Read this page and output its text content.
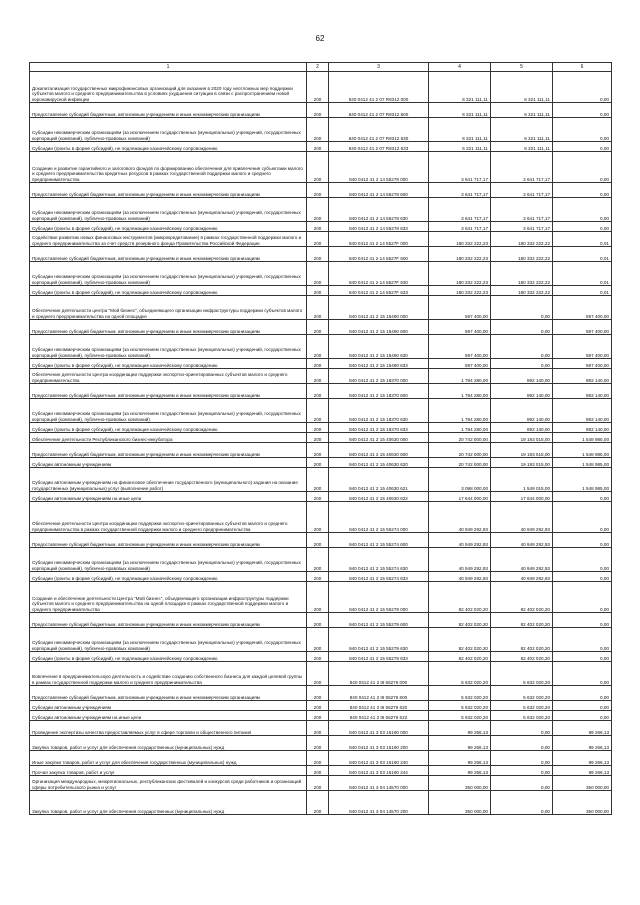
62
1	2	3	4	5	6
Докапитализация государственных микрофинансовых организаций для оказания в 2020 году неотложных мер поддержки субъектов малого и среднего предпринимательства в условиях ухудшения ситуации в связи с распространением новой коронавирусной инфекции	200	840 0412 41 2 07 R8312 000	6 321 111,11	6 321 111,11	0,00
Предоставление субсидий бюджетным, автономным учреждениям и иным некоммерческим организациям	200	840 0412 41 2 07 R8312 600	6 321 111,11	6 321 111,11	0,00
Субсидии некоммерческим организациям (за исключением государственных (муниципальных) учреждений, государственных корпораций (компаний), публично-правовых компаний)	200	840 0412 41 2 07 R8312 630	6 321 111,11	6 321 111,11	0,00
Субсидии (гранты в форме субсидий), не подлежащие казначейскому сопровождению	200	840 0412 41 2 07 R8312 633	6 321 111,11	6 321 111,11	0,00
Создание и развитие гарантийного и залогового фондов по формированию обеспечения для привлечения субъектами малого и среднего предпринимательства кредитных ресурсов в рамках государственной поддержки малого и среднего предпринимательства	200	840 0412 41 2 14 55278 000	3 641 717,17	3 641 717,17	0,00
Предоставление субсидий бюджетным, автономным учреждениям и иным некоммерческим организациям	200	840 0412 41 2 14 55278 600	3 641 717,17	3 641 717,17	0,00
Субсидии некоммерческим организациям (за исключением государственных (муниципальных) учреждений, государственных корпораций (компаний), публично-правовых компаний)	200	840 0412 41 2 14 55278 630	3 641 717,17	3 641 717,17	0,00
Субсидии (гранты в форме субсидий), не подлежащие казначейскому сопровождению	200	840 0412 41 2 14 55278 633	3 641 717,17	3 641 717,17	0,00
Содействие развитию новых финансовых инструментов (микрокредитование) в рамках государственной поддержки малого и среднего предпринимательства за счет средств резервного фонда Правительства Российской Федерации	200	840 0412 41 2 14 5527F 000	180 332 222,23	180 332 222,22	0,01
Предоставление субсидий бюджетным, автономным учреждениям и иным некоммерческим организациям	200	840 0412 41 2 14 5527F 600	180 332 222,23	180 332 222,22	0,01
Субсидии некоммерческим организациям (за исключением государственных (муниципальных) учреждений, государственных корпораций (компаний), публично-правовых компаний)	200	840 0412 41 2 14 5527F 630	180 332 222,23	180 332 222,22	0,01
Субсидии (гранты в форме субсидий), не подлежащие казначейскому сопровождению	200	840 0412 41 2 14 5527F 633	180 332 222,23	180 332 222,22	0,01
Обеспечение деятельности центра "Мой бизнес", объединяющего организации инфраструктуры поддержки субъектов малого и среднего предпринимательства на одной площадке	200	840 0412 41 2 15 15490 000	597 400,00	0,00	597 400,00
Предоставление субсидий бюджетным, автономным учреждениям и иным некоммерческим организациям	200	840 0412 41 2 15 15490 600	597 400,00	0,00	597 400,00
Субсидии некоммерческим организациям (за исключением государственных (муниципальных) учреждений, государственных корпораций (компаний), публично-правовых компаний)	200	840 0412 41 2 15 15490 630	597 400,00	0,00	597 400,00
Субсидии (гранты в форме субсидий), не подлежащие казначейскому сопровождению	200	840 0412 41 2 15 15490 633	597 400,00	0,00	597 400,00
Обеспечение деятельности Центра координации поддержки экспортно-ориентированных субъектов малого и среднего предпринимательства	200	840 0412 41 2 15 18370 000	1 784 280,00	892 140,00	892 140,00
Предоставление субсидий бюджетным, автономным учреждениям и иным некоммерческим организациям	200	840 0412 41 2 15 18370 600	1 784 280,00	892 140,00	892 140,00
Субсидии некоммерческим организациям (за исключением государственных (муниципальных) учреждений, государственных корпораций (компаний), публично-правовых компаний)	200	840 0412 41 2 15 18370 630	1 784 280,00	892 140,00	892 140,00
Субсидии (гранты в форме субсидий), не подлежащие казначейскому сопровождению	200	840 0412 41 2 15 18370 633	1 784 280,00	892 140,00	892 140,00
Обеспечение деятельности Республиканского бизнес-инкубатора	200	840 0412 41 2 15 40630 000	20 742 000,00	19 193 015,00	1 548 985,00
Предоставление субсидий бюджетным, автономным учреждениям и иным некоммерческим организациям	200	840 0412 41 2 15 40630 600	20 742 000,00	19 193 015,00	1 548 985,00
Субсидии автономным учреждениям	200	840 0412 41 2 15 40630 620	20 742 000,00	19 193 015,00	1 548 985,00
Субсидии автономным учреждениям на финансовое обеспечение государственного (муниципального) задания на оказание государственных (муниципальных) услуг (выполнение работ)	200	840 0412 41 2 15 40630 621	3 098 000,00	1 549 015,00	1 548 985,00
Субсидии автономным учреждениям на иные цели	200	840 0412 41 2 15 40630 622	17 644 000,00	17 644 000,00	0,00
Обеспечение деятельности Центра координации поддержки экспортно-ориентированных субъектов малого и среднего предпринимательства в рамках государственной поддержки малого и среднего предпринимательства	200	840 0412 41 2 15 55274 000	40 949 292,93	40 949 292,93	0,00
Предоставление субсидий бюджетным, автономным учреждениям и иным некоммерческим организациям	200	840 0412 41 2 15 55274 600	40 949 292,93	40 949 292,93	0,00
Субсидии некоммерческим организациям (за исключением государственных (муниципальных) учреждений, государственных корпораций (компаний), публично-правовых компаний)	200	840 0412 41 2 15 55274 630	40 949 292,93	40 949 292,93	0,00
Субсидии (гранты в форме субсидий), не подлежащие казначейскому сопровождению	200	840 0412 41 2 15 55274 633	40 949 292,93	40 949 292,93	0,00
Создание и обеспечение деятельности Центра "Мой бизнес", объединяющего организации инфраструктуры поддержки субъектов малого и среднего предпринимательства на одной площадке в рамках государственной поддержки малого и среднего предпринимательства	200	840 0412 41 2 15 55279 000	82 402 020,20	82 402 020,20	0,00
Предоставление субсидий бюджетным, автономным учреждениям и иным некоммерческим организациям	200	840 0412 41 2 15 55279 600	82 402 020,20	82 402 020,20	0,00
Субсидии некоммерческим организациям (за исключением государственных (муниципальных) учреждений, государственных корпораций (компаний), публично-правовых компаний)	200	840 0412 41 2 15 55279 630	82 402 020,20	82 402 020,20	0,00
Субсидии (гранты в форме субсидий), не подлежащие казначейскому сопровождению	200	840 0412 41 2 15 55279 633	82 402 020,20	82 402 020,20	0,00
Вовлечение в предпринимательскую деятельность и содействие созданию собственного бизнеса для каждой целевой группы в рамках государственной поддержки малого и среднего предпринимательства	200	840 0412 41 2 I8 55276 000	5 632 020,20	5 632 020,20	0,00
Предоставление субсидий бюджетным, автономным учреждениям и иным некоммерческим организациям	200	840 0412 41 2 I8 55276 600	5 632 020,20	5 632 020,20	0,00
Субсидии автономным учреждениям	200	840 0412 41 2 I8 55276 620	5 632 020,20	5 632 020,20	0,00
Субсидии автономным учреждениям на иные цели	200	840 0412 41 2 I8 55276 622	5 632 020,20	5 632 020,20	0,00
Проведение экспертизы качества предоставляемых услуг в сфере торговли и общественного питания	200	840 0412 41 3 03 15190 000	99 266,13	0,00	99 266,13
Закупка товаров, работ и услуг для обеспечения государственных (муниципальных) нужд	200	840 0412 41 3 03 15190 200	99 266,13	0,00	99 266,13
Иные закупки товаров, работ и услуг для обеспечения государственных (муниципальных) нужд	200	840 0412 41 3 03 15190 240	99 266,13	0,00	99 266,13
Прочая закупка товаров, работ и услуг	200	840 0412 41 3 03 15190 244	99 266,13	0,00	99 266,13
Организация международных, межрегиональных, республиканских фестивалей и конкурсов среди работников и организаций сферы потребительского рынка и услуг	200	840 0412 41 3 04 14570 000	350 000,00	0,00	350 000,00
Закупка товаров, работ и услуг для обеспечения государственных (муниципальных) нужд	200	840 0412 41 3 04 14570 200	350 000,00	0,00	350 000,00
